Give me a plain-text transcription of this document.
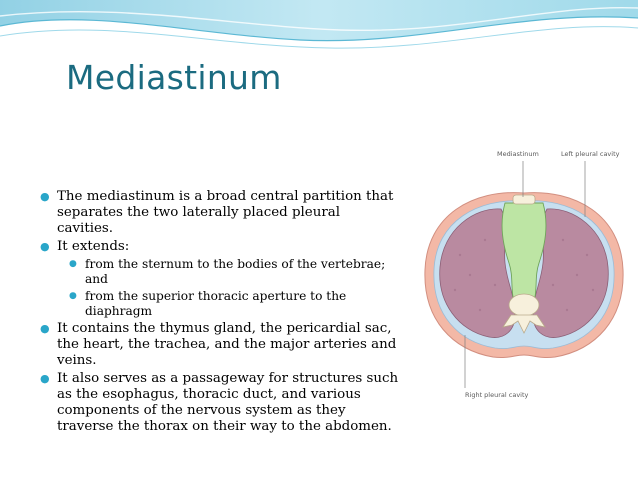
Mediastinum
● The mediastinum is a broad central partition that separates the two laterally placed pleural cavities.
● It extends:
● from the sternum to the bodies of the vertebrae; and
● from the superior thoracic aperture to the diaphragm
● It contains the thymus gland, the pericardial sac, the heart, the trachea, and the major arteries and veins.
● It also serves as a passageway for structures such as the esophagus, thoracic duct, and various components of the nervous system as they traverse the thorax on their way to the abdomen.
Mediastinum	Left pleural cavity
Right pleural cavity
